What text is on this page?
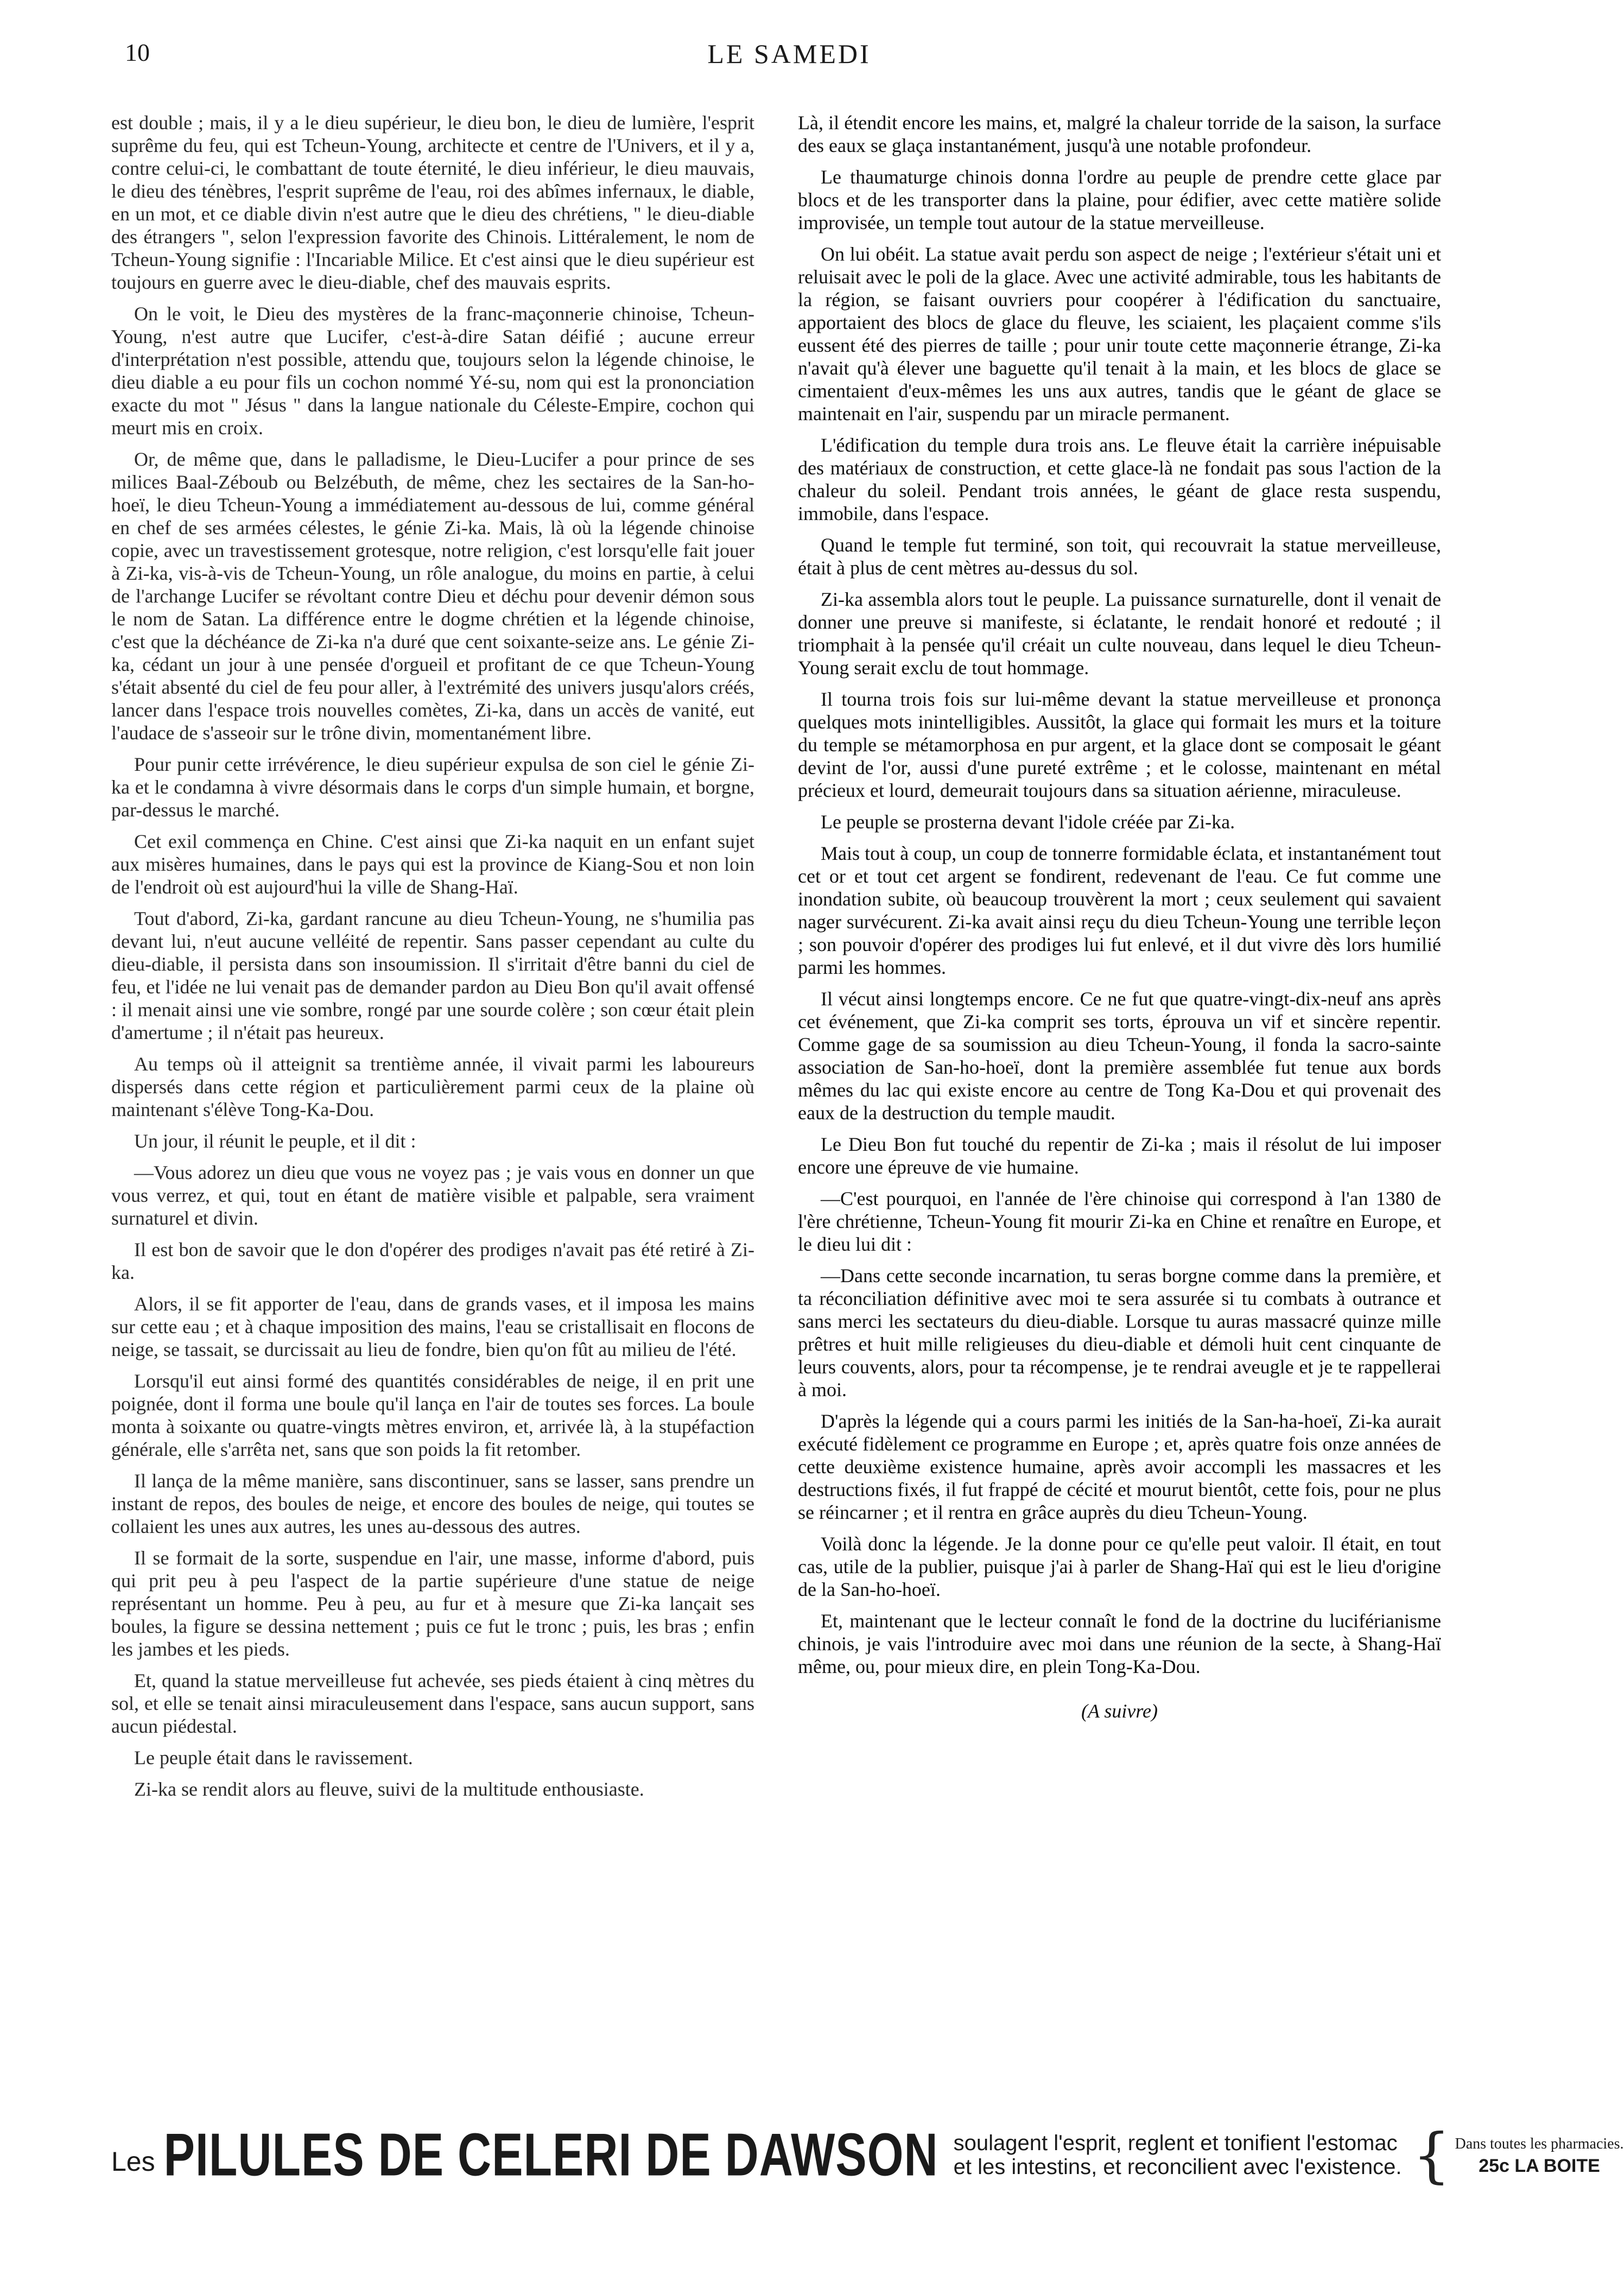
10	LE SAMEDI

est double ; mais, il y a le dieu supérieur, le dieu bon, le dieu de lumière, l'esprit suprême du feu, qui est Tcheun-Young, architecte et centre de l'Univers, et il y a, contre celui-ci, le combattant de toute éternité, le dieu inférieur, le dieu mauvais, le dieu des ténèbres, l'esprit suprême de l'eau, roi des abîmes infernaux, le diable, en un mot, et ce diable divin n'est autre que le dieu des chrétiens, " le dieu-diable des étrangers ", selon l'expression favorite des Chinois. Littéralement, le nom de Tcheun-Young signifie : l'Incariable Milice. Et c'est ainsi que le dieu supérieur est toujours en guerre avec le dieu-diable, chef des mauvais esprits.

On le voit, le Dieu des mystères de la franc-maçonnerie chinoise, Tcheun-Young, n'est autre que Lucifer, c'est-à-dire Satan déifié ; aucune erreur d'interprétation n'est possible, attendu que, toujours selon la légende chinoise, le dieu diable a eu pour fils un cochon nommé Yé-su, nom qui est la prononciation exacte du mot " Jésus " dans la langue nationale du Céleste-Empire, cochon qui meurt mis en croix.

Or, de même que, dans le palladisme, le Dieu-Lucifer a pour prince de ses milices Baal-Zéboub ou Belzébuth, de même, chez les sectaires de la San-ho-hoeï, le dieu Tcheun-Young a immédiatement au-dessous de lui, comme général en chef de ses armées célestes, le génie Zi-ka. Mais, là où la légende chinoise copie, avec un travestissement grotesque, notre religion, c'est lorsqu'elle fait jouer à Zi-ka, vis-à-vis de Tcheun-Young, un rôle analogue, du moins en partie, à celui de l'archange Lucifer se révoltant contre Dieu et déchu pour devenir démon sous le nom de Satan. La différence entre le dogme chrétien et la légende chinoise, c'est que la déchéance de Zi-ka n'a duré que cent soixante-seize ans. Le génie Zi-ka, cédant un jour à une pensée d'orgueil et profitant de ce que Tcheun-Young s'était absenté du ciel de feu pour aller, à l'extrémité des univers jusqu'alors créés, lancer dans l'espace trois nouvelles comètes, Zi-ka, dans un accès de vanité, eut l'audace de s'asseoir sur le trône divin, momentanément libre.

Pour punir cette irrévérence, le dieu supérieur expulsa de son ciel le génie Zi-ka et le condamna à vivre désormais dans le corps d'un simple humain, et borgne, par-dessus le marché.

Cet exil commença en Chine. C'est ainsi que Zi-ka naquit en un enfant sujet aux misères humaines, dans le pays qui est la province de Kiang-Sou et non loin de l'endroit où est aujourd'hui la ville de Shang-Haï.

Tout d'abord, Zi-ka, gardant rancune au dieu Tcheun-Young, ne s'humilia pas devant lui, n'eut aucune velléité de repentir. Sans passer cependant au culte du dieu-diable, il persista dans son insoumission. Il s'irritait d'être banni du ciel de feu, et l'idée ne lui venait pas de demander pardon au Dieu Bon qu'il avait offensé : il menait ainsi une vie sombre, rongé par une sourde colère ; son cœur était plein d'amertume ; il n'était pas heureux.

Au temps où il atteignit sa trentième année, il vivait parmi les laboureurs dispersés dans cette région et particulièrement parmi ceux de la plaine où maintenant s'élève Tong-Ka-Dou.

Un jour, il réunit le peuple, et il dit :

—Vous adorez un dieu que vous ne voyez pas ; je vais vous en donner un que vous verrez, et qui, tout en étant de matière visible et palpable, sera vraiment surnaturel et divin.

Il est bon de savoir que le don d'opérer des prodiges n'avait pas été retiré à Zi-ka.

Alors, il se fit apporter de l'eau, dans de grands vases, et il imposa les mains sur cette eau ; et à chaque imposition des mains, l'eau se cristallisait en flocons de neige, se tassait, se durcissait au lieu de fondre, bien qu'on fût au milieu de l'été.

Lorsqu'il eut ainsi formé des quantités considérables de neige, il en prit une poignée, dont il forma une boule qu'il lança en l'air de toutes ses forces. La boule monta à soixante ou quatre-vingts mètres environ, et, arrivée là, à la stupéfaction générale, elle s'arrêta net, sans que son poids la fit retomber.

Il lança de la même manière, sans discontinuer, sans se lasser, sans prendre un instant de repos, des boules de neige, et encore des boules de neige, qui toutes se collaient les unes aux autres, les unes au-dessous des autres.

Il se formait de la sorte, suspendue en l'air, une masse, informe d'abord, puis qui prit peu à peu l'aspect de la partie supérieure d'une statue de neige représentant un homme. Peu à peu, au fur et à mesure que Zi-ka lançait ses boules, la figure se dessina nettement ; puis ce fut le tronc ; puis, les bras ; enfin les jambes et les pieds.

Et, quand la statue merveilleuse fut achevée, ses pieds étaient à cinq mètres du sol, et elle se tenait ainsi miraculeusement dans l'espace, sans aucun support, sans aucun piédestal.

Le peuple était dans le ravissement.

Zi-ka se rendit alors au fleuve, suivi de la multitude enthousiaste.

Là, il étendit encore les mains, et, malgré la chaleur torride de la saison, la surface des eaux se glaça instantanément, jusqu'à une notable profondeur.

Le thaumaturge chinois donna l'ordre au peuple de prendre cette glace par blocs et de les transporter dans la plaine, pour édifier, avec cette matière solide improvisée, un temple tout autour de la statue merveilleuse.

On lui obéit. La statue avait perdu son aspect de neige ; l'extérieur s'était uni et reluisait avec le poli de la glace. Avec une activité admirable, tous les habitants de la région, se faisant ouvriers pour coopérer à l'édification du sanctuaire, apportaient des blocs de glace du fleuve, les sciaient, les plaçaient comme s'ils eussent été des pierres de taille ; pour unir toute cette maçonnerie étrange, Zi-ka n'avait qu'à élever une baguette qu'il tenait à la main, et les blocs de glace se cimentaient d'eux-mêmes les uns aux autres, tandis que le géant de glace se maintenait en l'air, suspendu par un miracle permanent.

L'édification du temple dura trois ans. Le fleuve était la carrière inépuisable des matériaux de construction, et cette glace-là ne fondait pas sous l'action de la chaleur du soleil. Pendant trois années, le géant de glace resta suspendu, immobile, dans l'espace.

Quand le temple fut terminé, son toit, qui recouvrait la statue merveilleuse, était à plus de cent mètres au-dessus du sol.

Zi-ka assembla alors tout le peuple. La puissance surnaturelle, dont il venait de donner une preuve si manifeste, si éclatante, le rendait honoré et redouté ; il triomphait à la pensée qu'il créait un culte nouveau, dans lequel le dieu Tcheun-Young serait exclu de tout hommage.

Il tourna trois fois sur lui-même devant la statue merveilleuse et prononça quelques mots inintelligibles. Aussitôt, la glace qui formait les murs et la toiture du temple se métamorphosa en pur argent, et la glace dont se composait le géant devint de l'or, aussi d'une pureté extrême ; et le colosse, maintenant en métal précieux et lourd, demeurait toujours dans sa situation aérienne, miraculeuse.

Le peuple se prosterna devant l'idole créée par Zi-ka.

Mais tout à coup, un coup de tonnerre formidable éclata, et instantanément tout cet or et tout cet argent se fondirent, redevenant de l'eau. Ce fut comme une inondation subite, où beaucoup trouvèrent la mort ; ceux seulement qui savaient nager survécurent. Zi-ka avait ainsi reçu du dieu Tcheun-Young une terrible leçon ; son pouvoir d'opérer des prodiges lui fut enlevé, et il dut vivre dès lors humilié parmi les hommes.

Il vécut ainsi longtemps encore. Ce ne fut que quatre-vingt-dix-neuf ans après cet événement, que Zi-ka comprit ses torts, éprouva un vif et sincère repentir. Comme gage de sa soumission au dieu Tcheun-Young, il fonda la sacro-sainte association de San-ho-hoeï, dont la première assemblée fut tenue aux bords mêmes du lac qui existe encore au centre de Tong Ka-Dou et qui provenait des eaux de la destruction du temple maudit.

Le Dieu Bon fut touché du repentir de Zi-ka ; mais il résolut de lui imposer encore une épreuve de vie humaine.

—C'est pourquoi, en l'année de l'ère chinoise qui correspond à l'an 1380 de l'ère chrétienne, Tcheun-Young fit mourir Zi-ka en Chine et renaître en Europe, et le dieu lui dit :

—Dans cette seconde incarnation, tu seras borgne comme dans la première, et ta réconciliation définitive avec moi te sera assurée si tu combats à outrance et sans merci les sectateurs du dieu-diable. Lorsque tu auras massacré quinze mille prêtres et huit mille religieuses du dieu-diable et démoli huit cent cinquante de leurs couvents, alors, pour ta récompense, je te rendrai aveugle et je te rappellerai à moi.

D'après la légende qui a cours parmi les initiés de la San-ha-hoeï, Zi-ka aurait exécuté fidèlement ce programme en Europe ; et, après quatre fois onze années de cette deuxième existence humaine, après avoir accompli les massacres et les destructions fixés, il fut frappé de cécité et mourut bientôt, cette fois, pour ne plus se réincarner ; et il rentra en grâce auprès du dieu Tcheun-Young.

Voilà donc la légende. Je la donne pour ce qu'elle peut valoir. Il était, en tout cas, utile de la publier, puisque j'ai à parler de Shang-Haï qui est le lieu d'origine de la San-ho-hoeï.

Et, maintenant que le lecteur connaît le fond de la doctrine du luciférianisme chinois, je vais l'introduire avec moi dans une réunion de la secte, à Shang-Haï même, ou, pour mieux dire, en plein Tong-Ka-Dou.

(A suivre)

Les PILULES DE CELERI DE DAWSON soulagent l'esprit, reglent et tonifient l'estomac
et les intestins, et reconcilient avec l'existence. { Dans toutes les pharmacies.
25c LA BOITE
